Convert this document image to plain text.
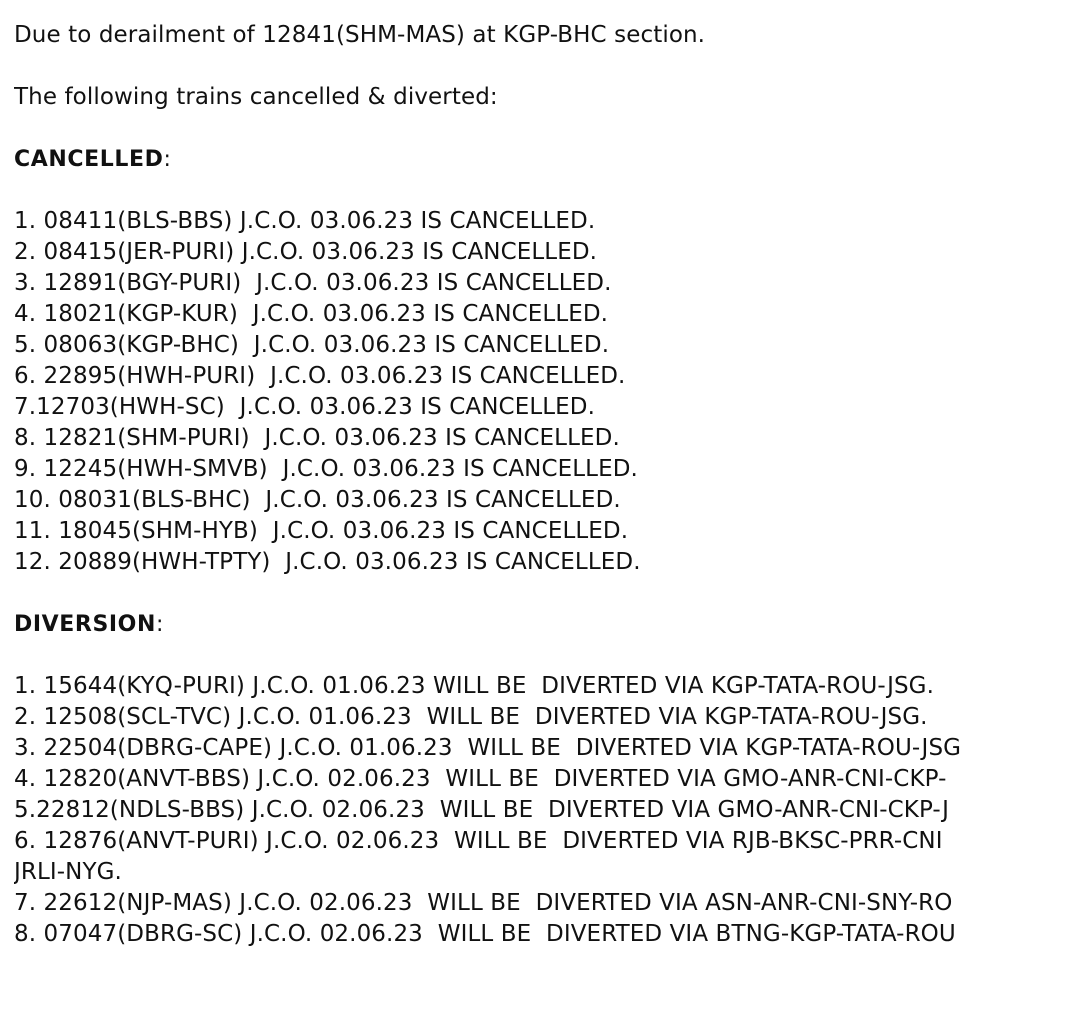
Due to derailment of 12841(SHM-MAS) at KGP-BHC section.
The following trains cancelled & diverted:
CANCELLED:
1. 08411(BLS-BBS) J.C.O. 03.06.23 IS CANCELLED.
2. 08415(JER-PURI) J.C.O. 03.06.23 IS CANCELLED.
3. 12891(BGY-PURI)  J.C.O. 03.06.23 IS CANCELLED.
4. 18021(KGP-KUR)  J.C.O. 03.06.23 IS CANCELLED.
5. 08063(KGP-BHC)  J.C.O. 03.06.23 IS CANCELLED.
6. 22895(HWH-PURI)  J.C.O. 03.06.23 IS CANCELLED.
7.12703(HWH-SC)  J.C.O. 03.06.23 IS CANCELLED.
8. 12821(SHM-PURI)  J.C.O. 03.06.23 IS CANCELLED.
9. 12245(HWH-SMVB)  J.C.O. 03.06.23 IS CANCELLED.
10. 08031(BLS-BHC)  J.C.O. 03.06.23 IS CANCELLED.
11. 18045(SHM-HYB)  J.C.O. 03.06.23 IS CANCELLED.
12. 20889(HWH-TPTY)  J.C.O. 03.06.23 IS CANCELLED.
DIVERSION:
1. 15644(KYQ-PURI) J.C.O. 01.06.23 WILL BE  DIVERTED VIA KGP-TATA-ROU-JSG.
2. 12508(SCL-TVC) J.C.O. 01.06.23  WILL BE  DIVERTED VIA KGP-TATA-ROU-JSG.
3. 22504(DBRG-CAPE) J.C.O. 01.06.23  WILL BE  DIVERTED VIA KGP-TATA-ROU-JSG
4. 12820(ANVT-BBS) J.C.O. 02.06.23  WILL BE  DIVERTED VIA GMO-ANR-CNI-CKP-
5.22812(NDLS-BBS) J.C.O. 02.06.23  WILL BE  DIVERTED VIA GMO-ANR-CNI-CKP-J
6. 12876(ANVT-PURI) J.C.O. 02.06.23  WILL BE  DIVERTED VIA RJB-BKSC-PRR-CNI
JRLI-NYG.
7. 22612(NJP-MAS) J.C.O. 02.06.23  WILL BE  DIVERTED VIA ASN-ANR-CNI-SNY-RO
8. 07047(DBRG-SC) J.C.O. 02.06.23  WILL BE  DIVERTED VIA BTNG-KGP-TATA-ROU
